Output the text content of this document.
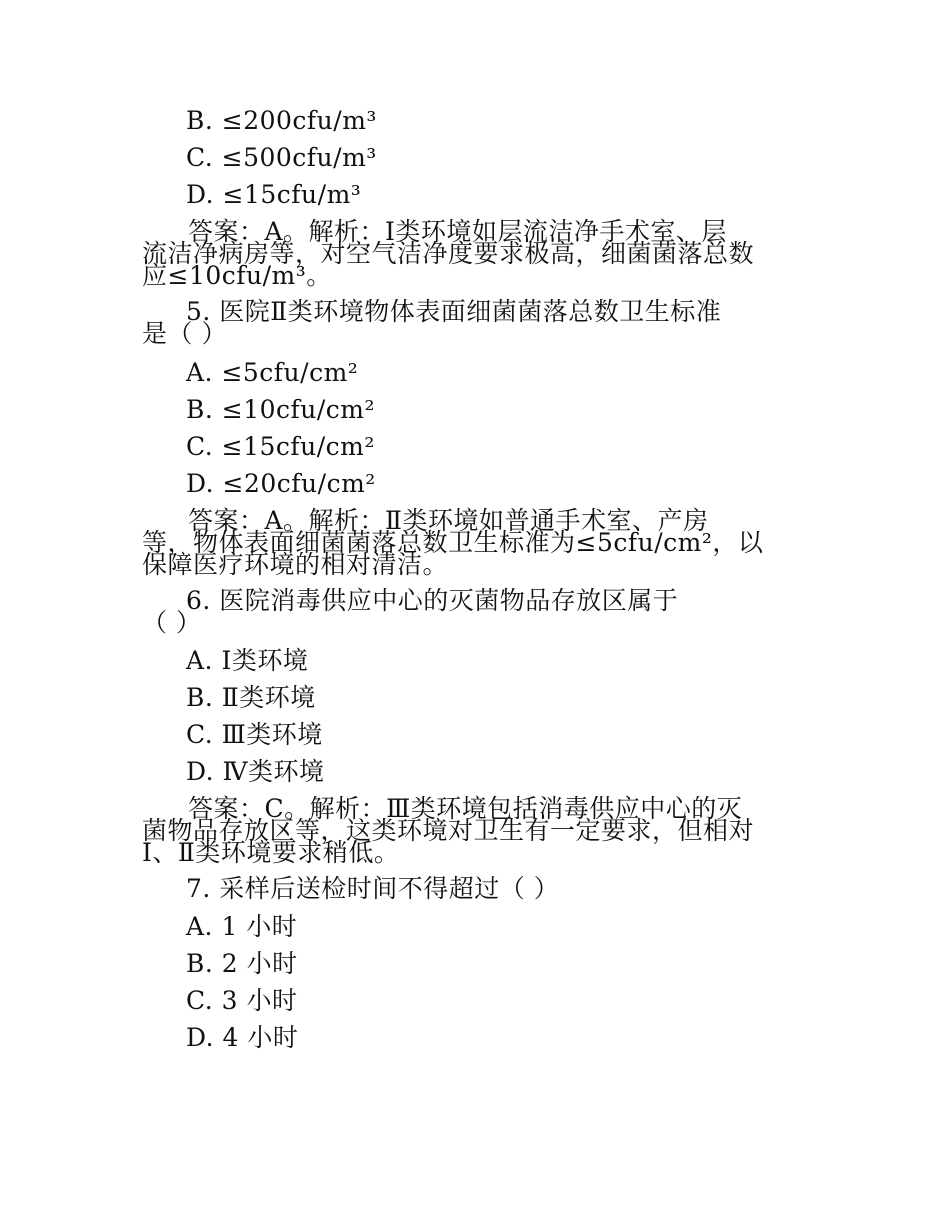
B. ≤200cfu/m³
C. ≤500cfu/m³
D. ≤15cfu/m³
答案：A。解析：Ⅰ类环境如层流洁净手术室、层
流洁净病房等，对空气洁净度要求极高，细菌菌落总数
应≤10cfu/m³。
5. 医院Ⅱ类环境物体表面细菌菌落总数卫生标准
是（ ）
A. ≤5cfu/cm²
B. ≤10cfu/cm²
C. ≤15cfu/cm²
D. ≤20cfu/cm²
答案：A。解析：Ⅱ类环境如普通手术室、产房
等，物体表面细菌菌落总数卫生标准为≤5cfu/cm²，以
保障医疗环境的相对清洁。
6. 医院消毒供应中心的灭菌物品存放区属于
（ ）
A. Ⅰ类环境
B. Ⅱ类环境
C. Ⅲ类环境
D. Ⅳ类环境
答案：C。解析：Ⅲ类环境包括消毒供应中心的灭
菌物品存放区等，这类环境对卫生有一定要求，但相对
Ⅰ、Ⅱ类环境要求稍低。
7. 采样后送检时间不得超过（ ）
A. 1 小时
B. 2 小时
C. 3 小时
D. 4 小时
